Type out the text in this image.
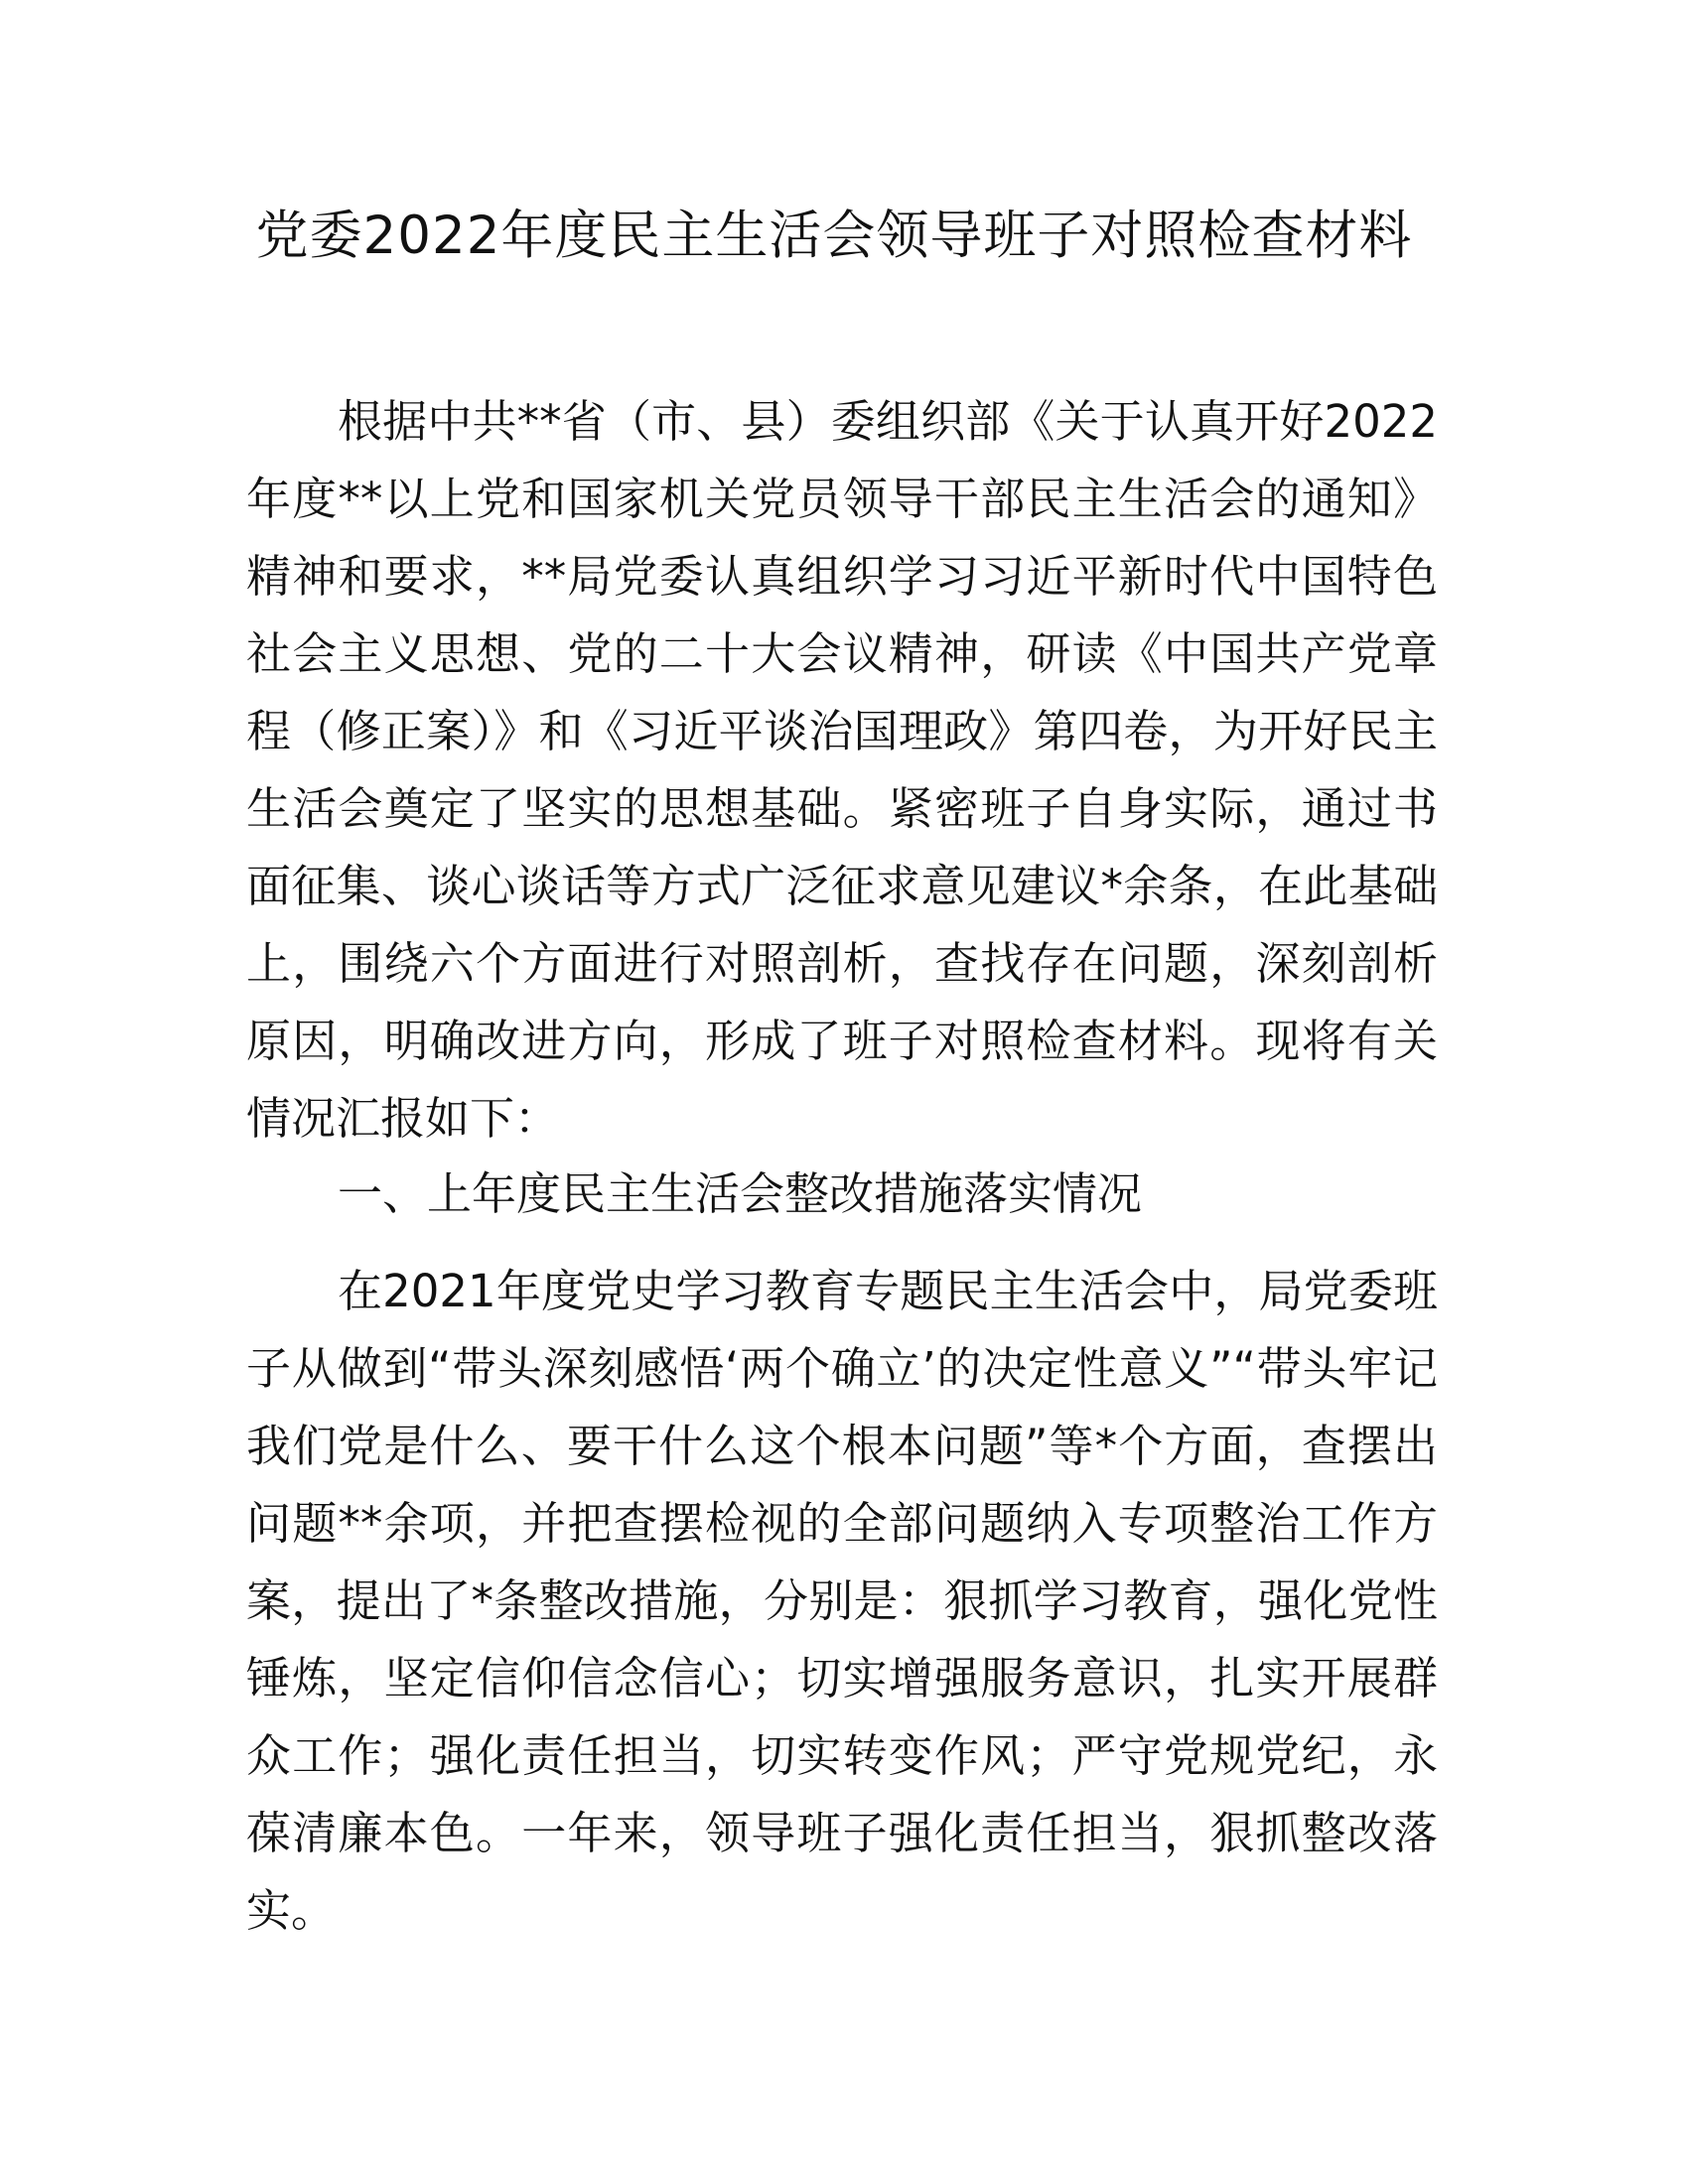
党委2022年度民主生活会领导班子对照检查材料

根据中共**省（市、县）委组织部《关于认真开好2022年度**以上党和国家机关党员领导干部民主生活会的通知》精神和要求，**局党委认真组织学习习近平新时代中国特色社会主义思想、党的二十大会议精神，研读《中国共产党章程（修正案）》和《习近平谈治国理政》第四卷，为开好民主生活会奠定了坚实的思想基础。紧密班子自身实际，通过书面征集、谈心谈话等方式广泛征求意见建议*余条，在此基础上，围绕六个方面进行对照剖析，查找存在问题，深刻剖析原因，明确改进方向，形成了班子对照检查材料。现将有关情况汇报如下：

一、上年度民主生活会整改措施落实情况

在2021年度党史学习教育专题民主生活会中，局党委班子从做到“带头深刻感悟‘两个确立’的决定性意义”“带头牢记我们党是什么、要干什么这个根本问题”等*个方面，查摆出问题**余项，并把查摆检视的全部问题纳入专项整治工作方案，提出了*条整改措施，分别是：狠抓学习教育，强化党性锤炼，坚定信仰信念信心；切实增强服务意识，扎实开展群众工作；强化责任担当，切实转变作风；严守党规党纪，永葆清廉本色。一年来，领导班子强化责任担当，狠抓整改落实。
